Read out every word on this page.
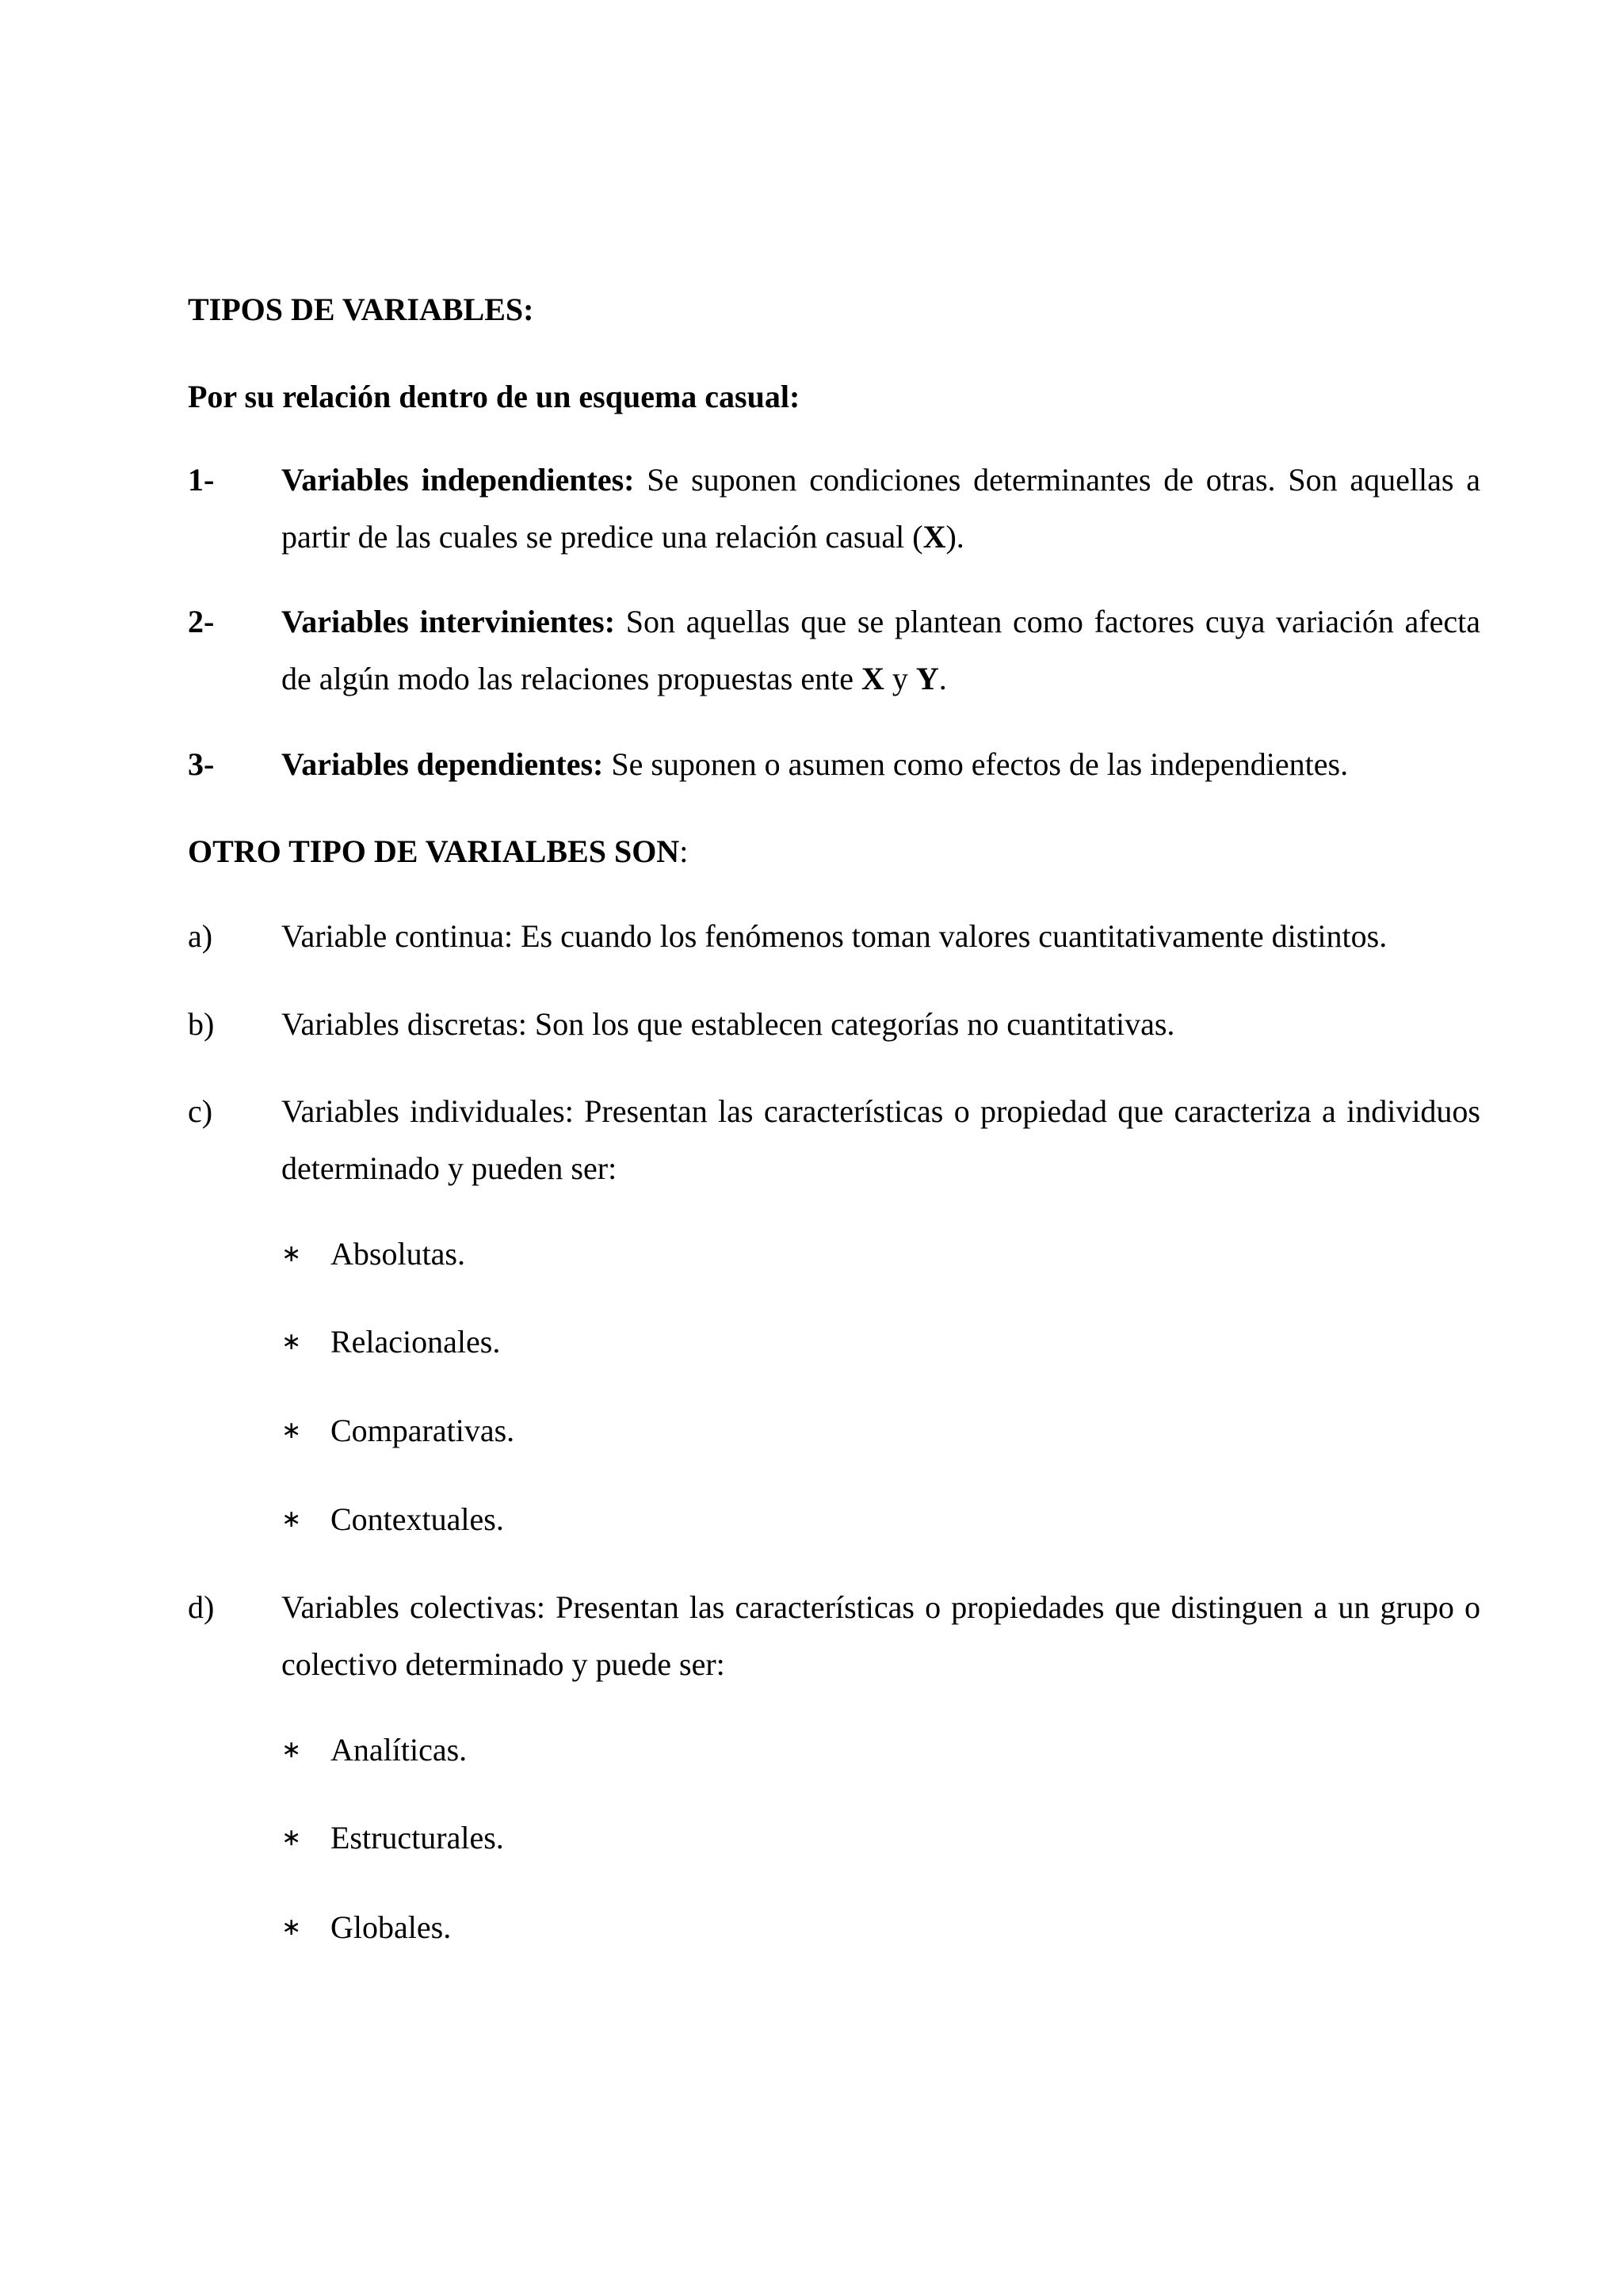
TIPOS DE VARIABLES:
Por su relación dentro de un esquema casual:
1-	Variables independientes: Se suponen condiciones determinantes de otras. Son aquellas a partir de las cuales se predice una relación casual (X).
2-	Variables intervinientes: Son aquellas que se plantean como factores cuya variación afecta de algún modo las relaciones propuestas ente X y Y.
3-	Variables dependientes: Se suponen o asumen como efectos de las independientes.
OTRO TIPO DE VARIALBES SON:
a)	Variable continua: Es cuando los fenómenos toman valores cuantitativamente distintos.
b)	Variables discretas: Son los que establecen categorías no cuantitativas.
c)	Variables individuales: Presentan las características o propiedad que caracteriza a individuos determinado y pueden ser:
∗ Absolutas.
∗ Relacionales.
∗ Comparativas.
∗ Contextuales.
d)	Variables colectivas: Presentan las características o propiedades que distinguen a un grupo o colectivo determinado y puede ser:
∗ Analíticas.
∗ Estructurales.
∗ Globales.
